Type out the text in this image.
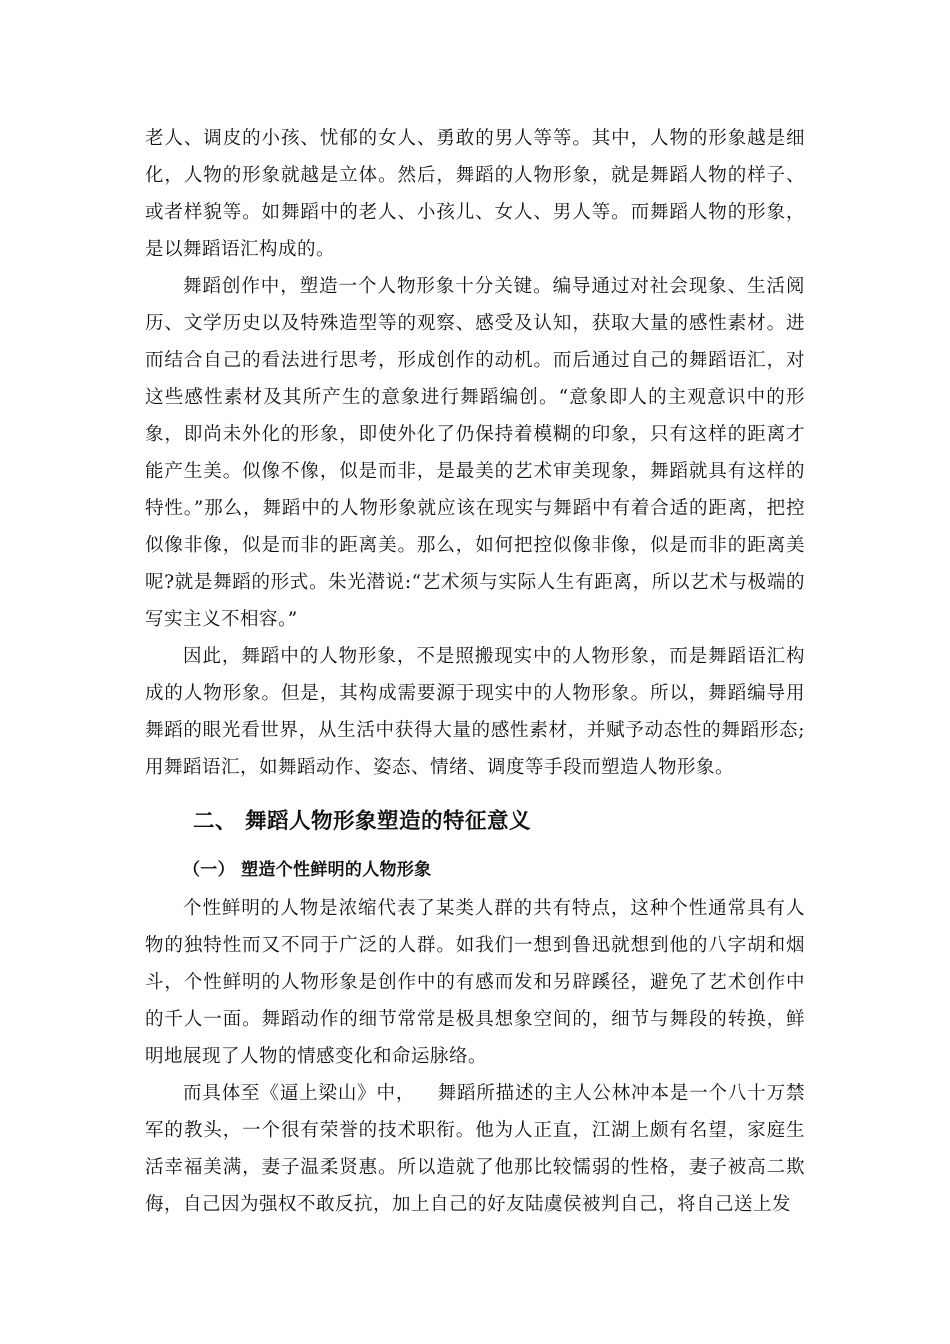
老人、调皮的小孩、忧郁的女人、勇敢的男人等等。其中，人物的形象越是细化，人物的形象就越是立体。然后，舞蹈的人物形象，就是舞蹈人物的样子、或者样貌等。如舞蹈中的老人、小孩儿、女人、男人等。而舞蹈人物的形象，是以舞蹈语汇构成的。

舞蹈创作中，塑造一个人物形象十分关键。编导通过对社会现象、生活阅历、文学历史以及特殊造型等的观察、感受及认知，获取大量的感性素材。进而结合自己的看法进行思考，形成创作的动机。而后通过自己的舞蹈语汇，对这些感性素材及其所产生的意象进行舞蹈编创。“意象即人的主观意识中的形象，即尚未外化的形象，即使外化了仍保持着模糊的印象，只有这样的距离才能产生美。似像不像，似是而非，是最美的艺术审美现象，舞蹈就具有这样的特性。”那么，舞蹈中的人物形象就应该在现实与舞蹈中有着合适的距离，把控似像非像，似是而非的距离美。那么，如何把控似像非像，似是而非的距离美呢?就是舞蹈的形式。朱光潜说:“艺术须与实际人生有距离，所以艺术与极端的写实主义不相容。”

因此，舞蹈中的人物形象，不是照搬现实中的人物形象，而是舞蹈语汇构成的人物形象。但是，其构成需要源于现实中的人物形象。所以，舞蹈编导用舞蹈的眼光看世界，从生活中获得大量的感性素材，并赋予动态性的舞蹈形态;用舞蹈语汇，如舞蹈动作、姿态、情绪、调度等手段而塑造人物形象。

二、 舞蹈人物形象塑造的特征意义
（一） 塑造个性鲜明的人物形象

个性鲜明的人物是浓缩代表了某类人群的共有特点，这种个性通常具有人物的独特性而又不同于广泛的人群。如我们一想到鲁迅就想到他的八字胡和烟斗，个性鲜明的人物形象是创作中的有感而发和另辟蹊径，避免了艺术创作中的千人一面。舞蹈动作的细节常常是极具想象空间的，细节与舞段的转换，鲜明地展现了人物的情感变化和命运脉络。

而具体至《逼上梁山》中， 舞蹈所描述的主人公林冲本是一个八十万禁军的教头，一个很有荣誉的技术职衔。他为人正直，江湖上颇有名望，家庭生活幸福美满，妻子温柔贤惠。所以造就了他那比较懦弱的性格，妻子被高二欺侮，自己因为强权不敢反抗，加上自己的好友陆虞侯被判自己，将自己送上发
